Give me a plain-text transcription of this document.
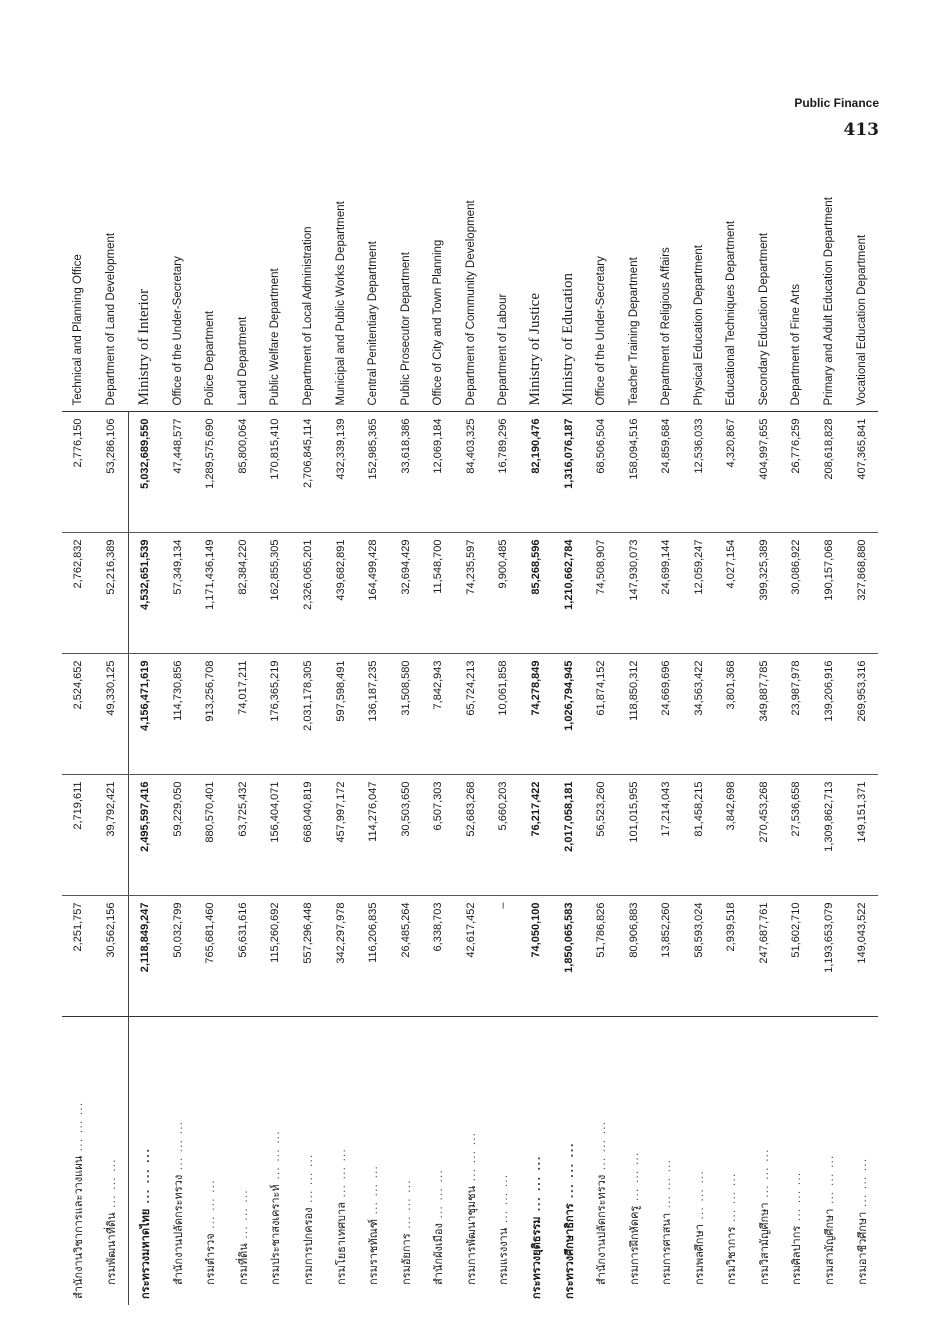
Public Finance
413
สำนักงานวิชาการและวางแผน ... ... ...	2,251,757	2,719,611	2,524,652	2,762,832	2,776,150	Technical and Planning Office
กรมพัฒนาที่ดิน ... ... ...	30,562,156	39,792,421	49,330,125	52,216,389	53,286,106	Department of Land Development
กระทรวงมหาดไทย ... ... ...	2,118,849,247	2,495,597,416	4,156,471,619	4,532,651,539	5,032,689,550	Ministry of Interior
สำนักงานปลัดกระทรวง ... ... ...	50,032,799	59,229,050	114,730,856	57,349,134	47,448,577	Office of the Under-Secretary
กรมตำรวจ ... ... ...	765,681,460	880,570,401	913,256,708	1,171,436,149	1,289,575,690	Police Department
กรมที่ดิน ... ... ...	56,631,616	63,725,432	74,017,211	82,384,220	85,800,064	Land Department
กรมประชาสงเคราะห์ ... ... ...	115,260,692	156,404,071	176,365,219	162,855,305	170,815,410	Public Welfare Department
กรมการปกครอง ... ... ...	557,296,448	668,040,819	2,031,178,305	2,326,065,201	2,706,845,114	Department of Local Administration
กรมโยธาเทศบาล ... ... ...	342,297,978	457,997,172	597,598,491	439,682,891	432,339,139	Municipal and Public Works Department
กรมราชทัณฑ์ ... ... ...	116,206,835	114,276,047	136,187,235	164,499,428	152,985,365	Central Penitentiary Department
กรมอัยการ ... ... ...	26,485,264	30,503,650	31,508,580	32,694,429	33,618,386	Public Prosecutor Department
สำนักผังเมือง ... ... ...	6,338,703	6,507,303	7,842,943	11,548,700	12,069,184	Office of City and Town Planning
กรมการพัฒนาชุมชน ... ... ...	42,617,452	52,683,268	65,724,213	74,235,597	84,403,325	Department of Community Development
กรมแรงงาน ... ... ...	–	5,660,203	10,061,858	9,900,485	16,789,296	Department of Labour
กระทรวงยุติธรรม ... ... ...	74,050,100	76,217,422	74,278,849	85,268,596	82,190,476	Ministry of Justice
กระทรวงศึกษาธิการ ... ... ...	1,850,065,583	2,017,058,181	1,026,794,945	1,210,662,784	1,316,076,187	Ministry of Education
สำนักงานปลัดกระทรวง ... ... ...	51,786,826	56,523,260	61,874,152	74,508,907	68,506,504	Office of the Under-Secretary
กรมการฝึกหัดครู ... ... ...	80,906,883	101,015,955	118,850,312	147,930,073	158,094,516	Teacher Training Department
กรมการศาสนา ... ... ...	13,852,260	17,214,043	24,669,696	24,699,144	24,859,684	Department of Religious Affairs
กรมพลศึกษา ... ... ...	58,593,024	81,458,215	34,563,422	12,059,247	12,536,033	Physical Education Department
กรมวิชาการ ... ... ...	2,939,518	3,842,698	3,801,368	4,027,154	4,320,867	Educational Techniques Department
กรมวิสามัญศึกษา ... ... ...	247,687,761	270,453,268	349,887,785	399,325,389	404,997,655	Secondary Education Department
กรมศิลปากร ... ... ...	51,602,710	27,536,658	23,987,978	30,086,922	26,776,259	Department of Fine Arts
กรมสามัญศึกษา ... ... ...	1,193,653,079	1,309,862,713	139,206,916	190,157,068	208,618,828	Primary and Adult Education Department
กรมอาชีวศึกษา ... ... ...	149,043,522	149,151,371	269,953,316	327,868,880	407,365,841	Vocational Education Department
